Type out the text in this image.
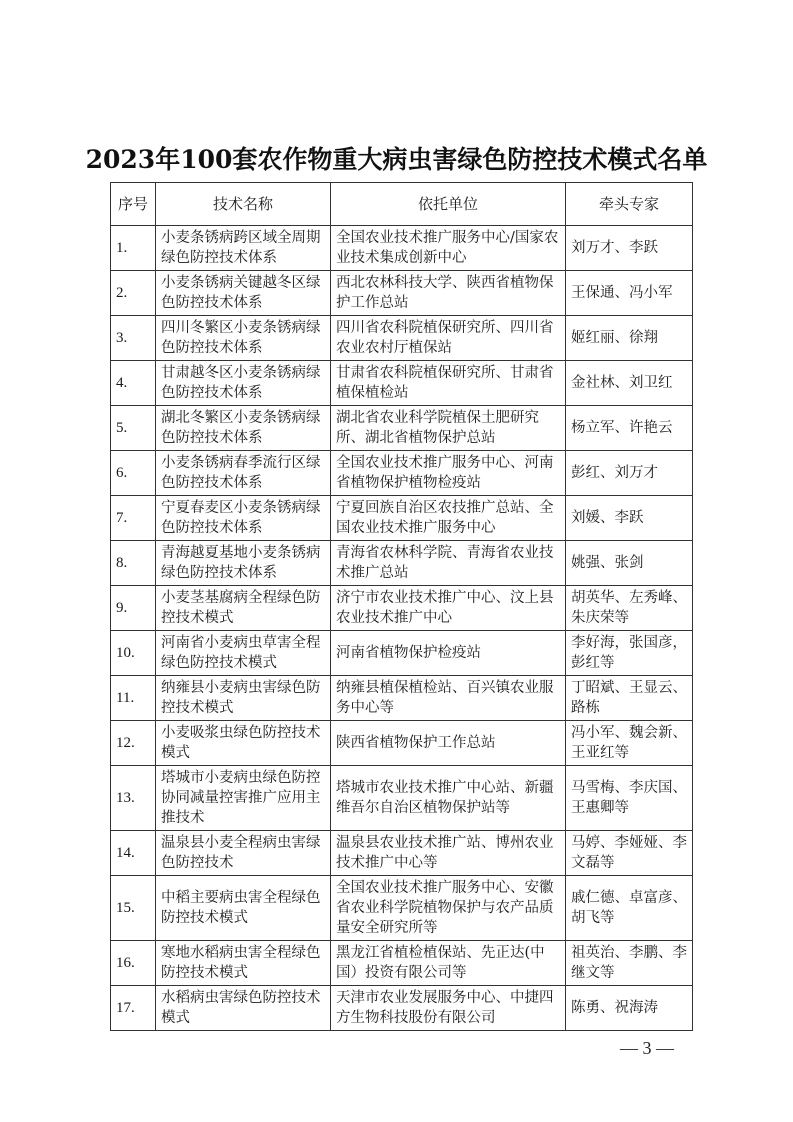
2023年100套农作物重大病虫害绿色防控技术模式名单
序号	技术名称	依托单位	牵头专家
1.	小麦条锈病跨区域全周期绿色防控技术体系	全国农业技术推广服务中心/国家农业技术集成创新中心	刘万才、李跃
2.	小麦条锈病关键越冬区绿色防控技术体系	西北农林科技大学、陕西省植物保护工作总站	王保通、冯小军
3.	四川冬繁区小麦条锈病绿色防控技术体系	四川省农科院植保研究所、四川省农业农村厅植保站	姬红丽、徐翔
4.	甘肃越冬区小麦条锈病绿色防控技术体系	甘肃省农科院植保研究所、甘肃省植保植检站	金社林、刘卫红
5.	湖北冬繁区小麦条锈病绿色防控技术体系	湖北省农业科学院植保土肥研究所、湖北省植物保护总站	杨立军、许艳云
6.	小麦条锈病春季流行区绿色防控技术体系	全国农业技术推广服务中心、河南省植物保护植物检疫站	彭红、刘万才
7.	宁夏春麦区小麦条锈病绿色防控技术体系	宁夏回族自治区农技推广总站、全国农业技术推广服务中心	刘媛、李跃
8.	青海越夏基地小麦条锈病绿色防控技术体系	青海省农林科学院、青海省农业技术推广总站	姚强、张剑
9.	小麦茎基腐病全程绿色防控技术模式	济宁市农业技术推广中心、汶上县农业技术推广中心	胡英华、左秀峰、朱庆荣等
10.	河南省小麦病虫草害全程绿色防控技术模式	河南省植物保护检疫站	李好海，张国彦，彭红等
11.	纳雍县小麦病虫害绿色防控技术模式	纳雍县植保植检站、百兴镇农业服务中心等	丁昭斌、王显云、路栋
12.	小麦吸浆虫绿色防控技术模式	陕西省植物保护工作总站	冯小军、魏会新、王亚红等
13.	塔城市小麦病虫绿色防控协同减量控害推广应用主推技术	塔城市农业技术推广中心站、新疆维吾尔自治区植物保护站等	马雪梅、李庆国、王惠卿等
14.	温泉县小麦全程病虫害绿色防控技术	温泉县农业技术推广站、博州农业技术推广中心等	马婷、李娅娅、李文磊等
15.	中稻主要病虫害全程绿色防控技术模式	全国农业技术推广服务中心、安徽省农业科学院植物保护与农产品质量安全研究所等	戚仁德、卓富彦、胡飞等
16.	寒地水稻病虫害全程绿色防控技术模式	黑龙江省植检植保站、先正达(中国）投资有限公司等	祖英治、李鹏、李继文等
17.	水稻病虫害绿色防控技术模式	天津市农业发展服务中心、中捷四方生物科技股份有限公司	陈勇、祝海涛
— 3 —
